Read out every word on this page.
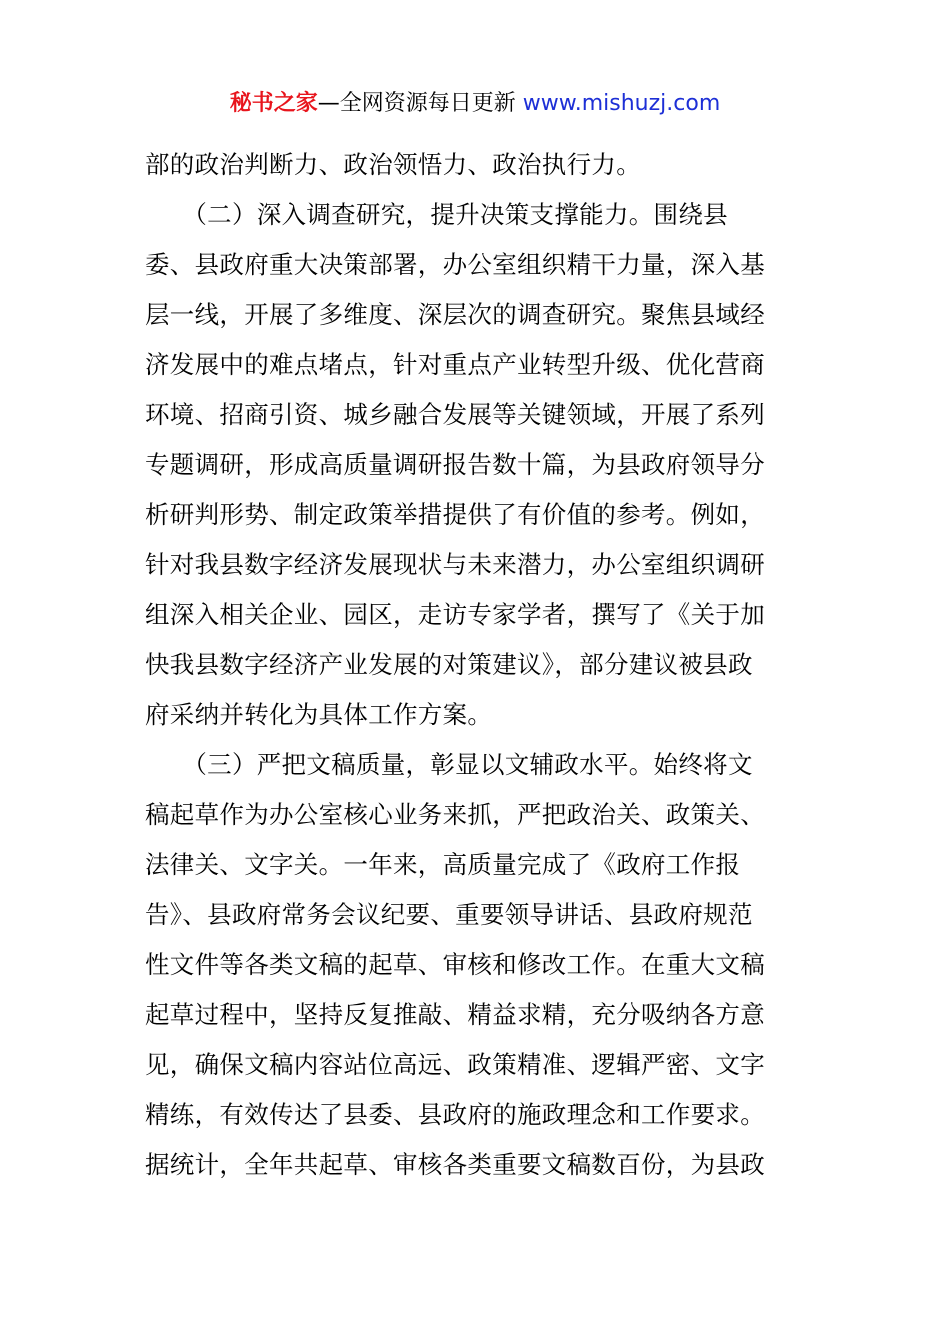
秘书之家—全网资源每日更新 www.mishuzj.com
部的政治判断力、政治领悟力、政治执行力。
　　（二）深入调查研究，提升决策支撑能力。围绕县
委、县政府重大决策部署，办公室组织精干力量，深入基
层一线，开展了多维度、深层次的调查研究。聚焦县域经
济发展中的难点堵点，针对重点产业转型升级、优化营商
环境、招商引资、城乡融合发展等关键领域，开展了系列
专题调研，形成高质量调研报告数十篇，为县政府领导分
析研判形势、制定政策举措提供了有价值的参考。例如，
针对我县数字经济发展现状与未来潜力，办公室组织调研
组深入相关企业、园区，走访专家学者，撰写了《关于加
快我县数字经济产业发展的对策建议》，部分建议被县政
府采纳并转化为具体工作方案。
　　（三）严把文稿质量，彰显以文辅政水平。始终将文
稿起草作为办公室核心业务来抓，严把政治关、政策关、
法律关、文字关。一年来，高质量完成了《政府工作报
告》、县政府常务会议纪要、重要领导讲话、县政府规范
性文件等各类文稿的起草、审核和修改工作。在重大文稿
起草过程中，坚持反复推敲、精益求精，充分吸纳各方意
见，确保文稿内容站位高远、政策精准、逻辑严密、文字
精练，有效传达了县委、县政府的施政理念和工作要求。
据统计，全年共起草、审核各类重要文稿数百份，为县政
